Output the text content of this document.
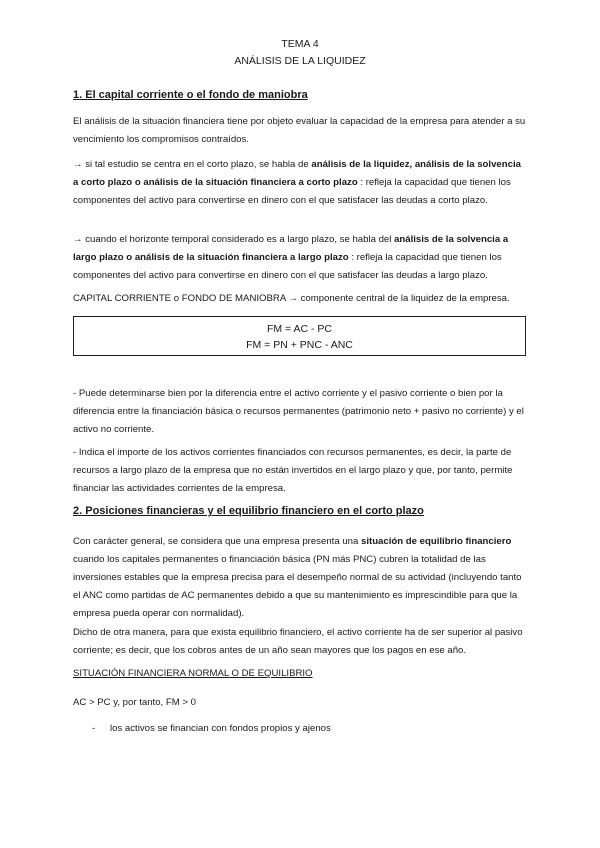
TEMA 4
ANÁLISIS DE LA LIQUIDEZ
1. El capital corriente o el fondo de maniobra
El análisis de la situación financiera tiene por objeto evaluar la capacidad de la empresa para atender a su vencimiento los compromisos contraídos.
→ si tal estudio se centra en el corto plazo, se habla de análisis de la liquidez, análisis de la solvencia a corto plazo o análisis de la situación financiera a corto plazo : refleja la capacidad que tienen los componentes del activo para convertirse en dinero con el que satisfacer las deudas a corto plazo.
→ cuando el horizonte temporal considerado es a largo plazo, se habla del análisis de la solvencia a largo plazo o análisis de la situación financiera a largo plazo : refleja la capacidad que tienen los componentes del activo para convertirse en dinero con el que satisfacer las deudas a largo plazo.
CAPITAL CORRIENTE o FONDO DE MANIOBRA → componente central de la liquidez de la empresa.
FM = AC - PC
FM = PN + PNC - ANC
- Puede determinarse bien por la diferencia entre el activo corriente y el pasivo corriente o bien por la diferencia entre la financiación básica o recursos permanentes (patrimonio neto + pasivo no corriente) y el activo no corriente.
- Indica el importe de los activos corrientes financiados con recursos permanentes, es decir, la parte de recursos a largo plazo de la empresa que no están invertidos en el largo plazo y que, por tanto, permite financiar las actividades corrientes de la empresa.
2. Posiciones financieras y el equilibrio financiero en el corto plazo
Con carácter general, se considera que una empresa presenta una situación de equilibrio financiero cuando los capitales permanentes o financiación básica (PN más PNC) cubren la totalidad de las inversiones estables que la empresa precisa para el desempeño normal de su actividad (incluyendo tanto el ANC como partidas de AC permanentes debido a que su mantenimiento es imprescindible para que la empresa pueda operar con normalidad).
Dicho de otra manera, para que exista equilibrio financiero, el activo corriente ha de ser superior al pasivo corriente; es decir, que los cobros antes de un año sean mayores que los pagos en ese año.
SITUACIÓN FINANCIERA NORMAL O DE EQUILIBRIO
AC > PC y, por tanto, FM > 0
- los activos se financian con fondos propios y ajenos
